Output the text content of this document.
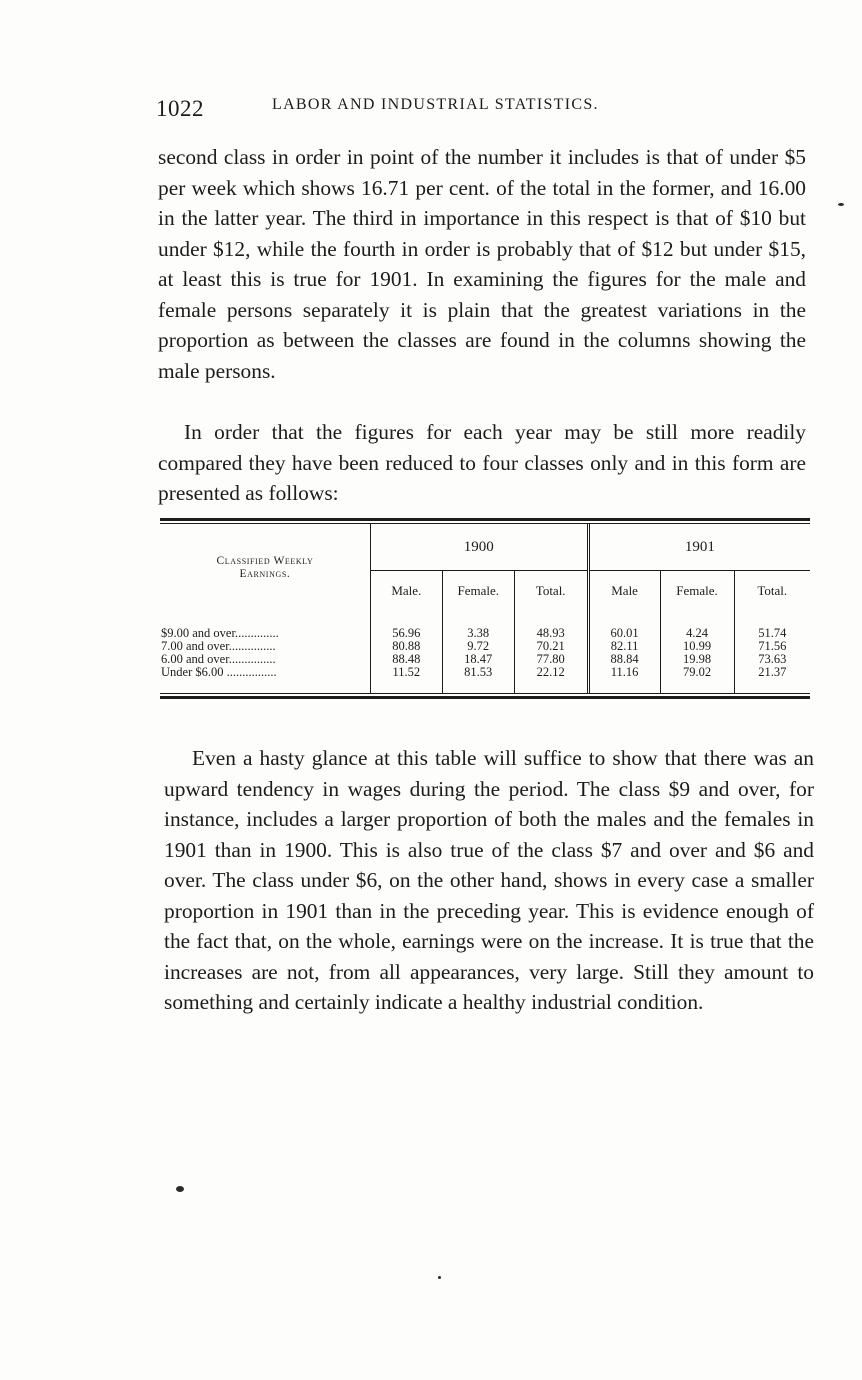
1022	LABOR AND INDUSTRIAL STATISTICS.

second class in order in point of the number it includes is that of under $5 per week which shows 16.71 per cent. of the total in the former, and 16.00 in the latter year. The third in importance in this respect is that of $10 but under $12, while the fourth in order is probably that of $12 but under $15, at least this is true for 1901. In examining the figures for the male and female persons separately it is plain that the greatest variations in the proportion as between the classes are found in the columns showing the male persons.

In order that the figures for each year may be still more readily compared they have been reduced to four classes only and in this form are presented as follows:

Classified Weekly
Earnings.	1900			1901		
	Male.	Female.	Total.	Male	Female.	Total.

$9.00 and over..............	56.96	3.38	48.93	60.01	4.24	51.74
7.00 and over...............	80.88	9.72	70.21	82.11	10.99	71.56
6.00 and over...............	88.48	18.47	77.80	88.84	19.98	73.63
Under $6.00 ................	11.52	81.53	22.12	11.16	79.02	21.37

Even a hasty glance at this table will suffice to show that there was an upward tendency in wages during the period. The class $9 and over, for instance, includes a larger proportion of both the males and the females in 1901 than in 1900. This is also true of the class $7 and over and $6 and over. The class under $6, on the other hand, shows in every case a smaller proportion in 1901 than in the preceding year. This is evidence enough of the fact that, on the whole, earnings were on the increase. It is true that the increases are not, from all appearances, very large. Still they amount to something and certainly indicate a healthy industrial condition.
